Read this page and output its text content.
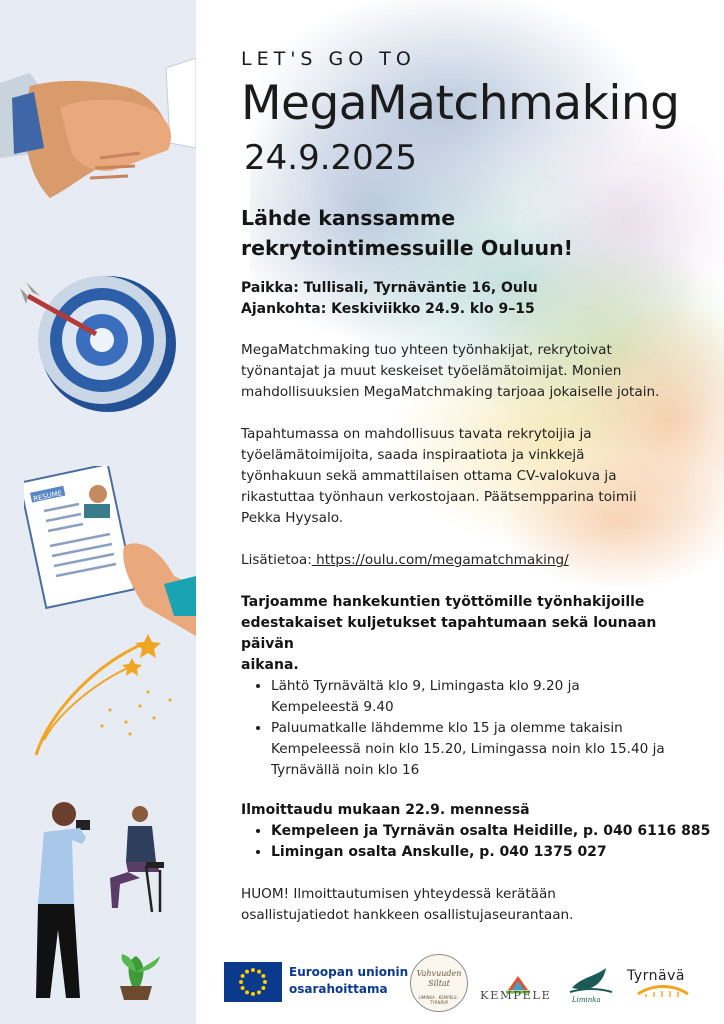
RESUME
LET'S GO TO
MegaMatchmaking
24.9.2025
Lähde kanssamme
rekrytointimessuille Ouluun!
Paikka: Tullisali, Tyrnäväntie 16, Oulu
Ajankohta: Keskiviikko 24.9. klo 9–15
MegaMatchmaking tuo yhteen työnhakijat, rekrytoivat
työnantajat ja muut keskeiset työelämätoimijat. Monien
mahdollisuuksien MegaMatchmaking tarjoaa jokaiselle jotain.
Tapahtumassa on mahdollisuus tavata rekrytoijia ja
työelämätoimijoita, saada inspiraatiota ja vinkkejä
työnhakuun sekä ammattilaisen ottama CV-valokuva ja
rikastuttaa työnhaun verkostojaan. Päätsempparina toimii
Pekka Hyysalo.
Lisätietoa: https://oulu.com/megamatchmaking/
Tarjoamme hankekuntien työttömille työnhakijoille
edestakaiset kuljetukset tapahtumaan sekä lounaan päivän
aikana.
• Lähtö Tyrnävältä klo 9, Limingasta klo 9.20 ja
Kempeleestä 9.40
• Paluumatkalle lähdemme klo 15 ja olemme takaisin
Kempeleessä noin klo 15.20, Limingassa noin klo 15.40 ja
Tyrnävällä noin klo 16
Ilmoittaudu mukaan 22.9. mennessä
• Kempeleen ja Tyrnävän osalta Heidille, p. 040 6116 885
• Limingan osalta Anskulle, p. 040 1375 027
HUOM! Ilmoittautumisen yhteydessä kerätään
osallistujatiedot hankkeen osallistujaseurantaan.
Euroopan unionin
osarahoittama
Vahvuuden
Siltat
LIMINKA · KEMPELE · TYRNÄVÄ
KEMPELE	Liminka
Tyrnävä
